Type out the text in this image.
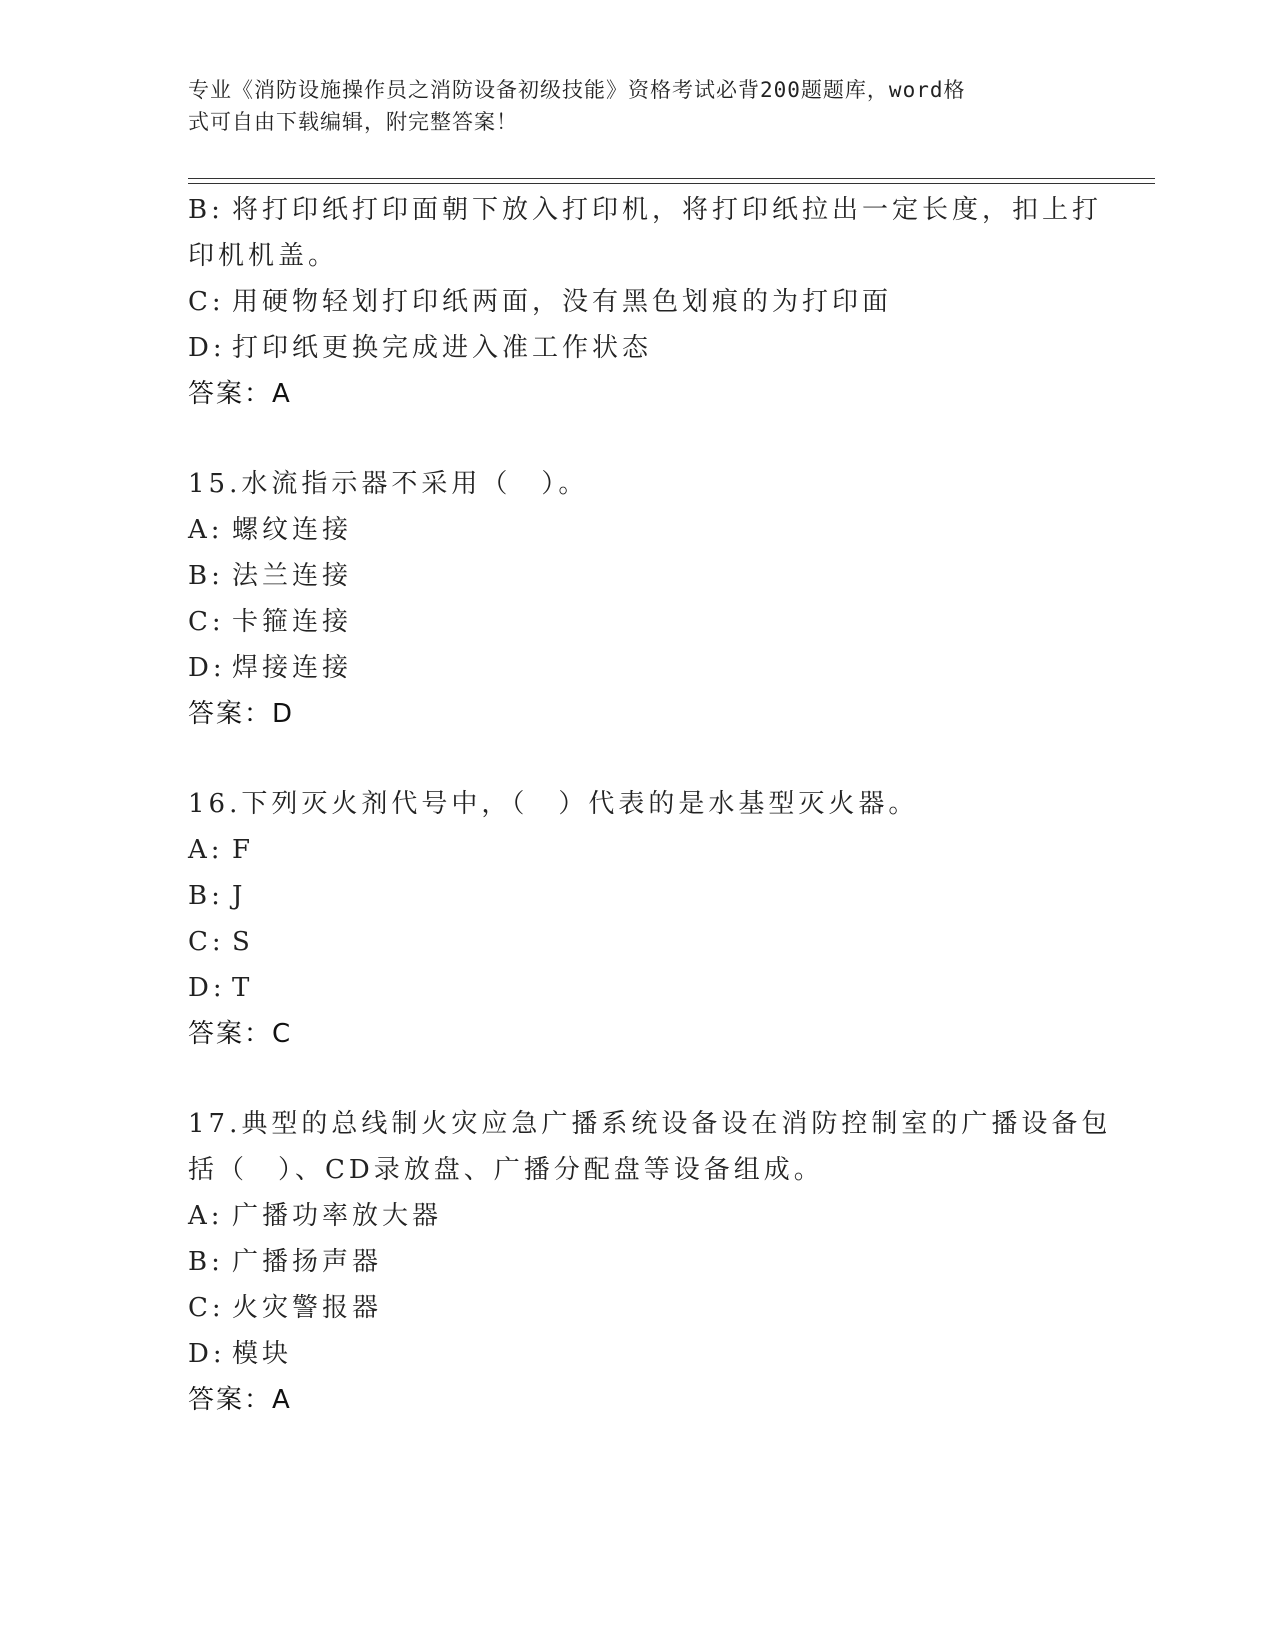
专业《消防设施操作员之消防设备初级技能》资格考试必背200题题库，word格
式可自由下载编辑，附完整答案！
B: 将打印纸打印面朝下放入打印机，将打印纸拉出一定长度，扣上打
印机机盖。
C: 用硬物轻划打印纸两面，没有黑色划痕的为打印面
D: 打印纸更换完成进入准工作状态
答案：A
15.水流指示器不采用（　）。
A: 螺纹连接
B: 法兰连接
C: 卡箍连接
D: 焊接连接
答案：D
16.下列灭火剂代号中，（　）代表的是水基型灭火器。
A: F
B: J
C: S
D: T
答案：C
17.典型的总线制火灾应急广播系统设备设在消防控制室的广播设备包
括（　）、CD录放盘、广播分配盘等设备组成。
A: 广播功率放大器
B: 广播扬声器
C: 火灾警报器
D: 模块
答案：A
